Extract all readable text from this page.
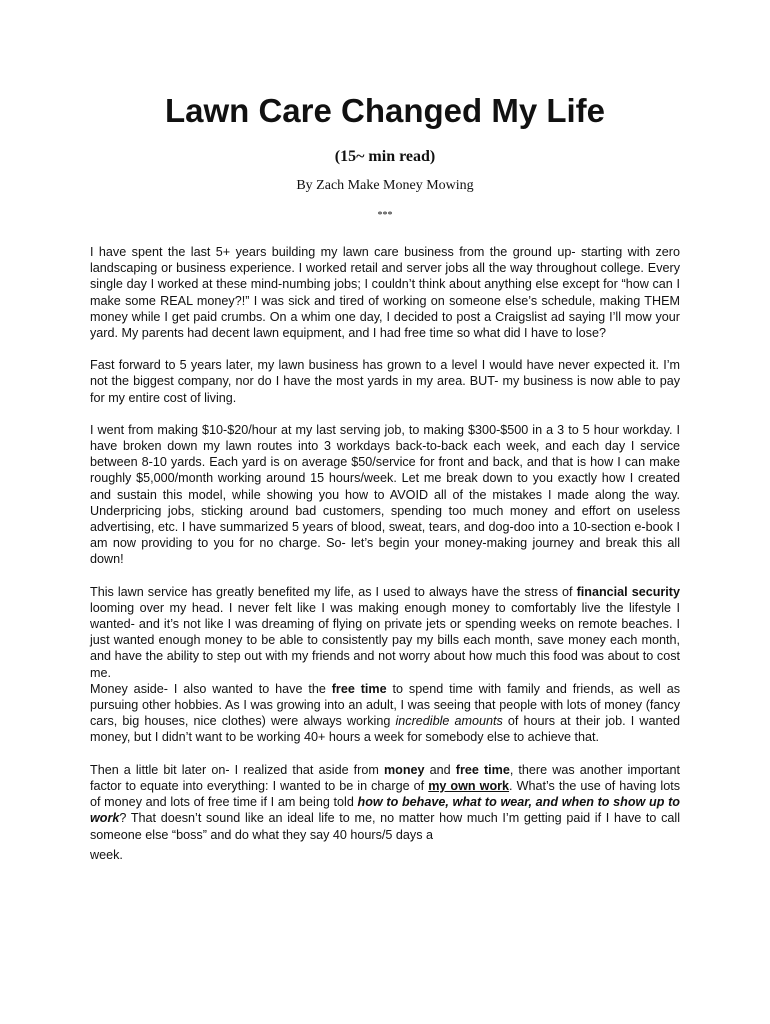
Lawn Care Changed My Life
(15~ min read)
By Zach Make Money Mowing
***

I have spent the last 5+ years building my lawn care business from the ground up- starting with zero landscaping or business experience. I worked retail and server jobs all the way throughout college. Every single day I worked at these mind-numbing jobs; I couldn’t think about anything else except for “how can I make some REAL money?!” I was sick and tired of working on someone else’s schedule, making THEM money while I get paid crumbs. On a whim one day, I decided to post a Craigslist ad saying I’ll mow your yard. My parents had decent lawn equipment, and I had free time so what did I have to lose?

Fast forward to 5 years later, my lawn business has grown to a level I would have never expected it. I’m not the biggest company, nor do I have the most yards in my area. BUT- my business is now able to pay for my entire cost of living.

I went from making $10-$20/hour at my last serving job, to making $300-$500 in a 3 to 5 hour workday. I have broken down my lawn routes into 3 workdays back-to-back each week, and each day I service between 8-10 yards. Each yard is on average $50/service for front and back, and that is how I can make roughly $5,000/month working around 15 hours/week. Let me break down to you exactly how I created and sustain this model, while showing you how to AVOID all of the mistakes I made along the way. Underpricing jobs, sticking around bad customers, spending too much money and effort on useless advertising, etc. I have summarized 5 years of blood, sweat, tears, and dog-doo into a 10-section e-book I am now providing to you for no charge. So- let’s begin your money-making journey and break this all down!

This lawn service has greatly benefited my life, as I used to always have the stress of financial security looming over my head. I never felt like I was making enough money to comfortably live the lifestyle I wanted- and it’s not like I was dreaming of flying on private jets or spending weeks on remote beaches. I just wanted enough money to be able to consistently pay my bills each month, save money each month, and have the ability to step out with my friends and not worry about how much this food was about to cost me.

Money aside- I also wanted to have the free time to spend time with family and friends, as well as pursuing other hobbies. As I was growing into an adult, I was seeing that people with lots of money (fancy cars, big houses, nice clothes) were always working incredible amounts of hours at their job. I wanted money, but I didn’t want to be working 40+ hours a week for somebody else to achieve that.

Then a little bit later on- I realized that aside from money and free time, there was another important factor to equate into everything: I wanted to be in charge of my own work. What’s the use of having lots of money and lots of free time if I am being told how to behave, what to wear, and when to show up to work? That doesn’t sound like an ideal life to me, no matter how much I’m getting paid if I have to call someone else “boss” and do what they say 40 hours/5 days a

week.
